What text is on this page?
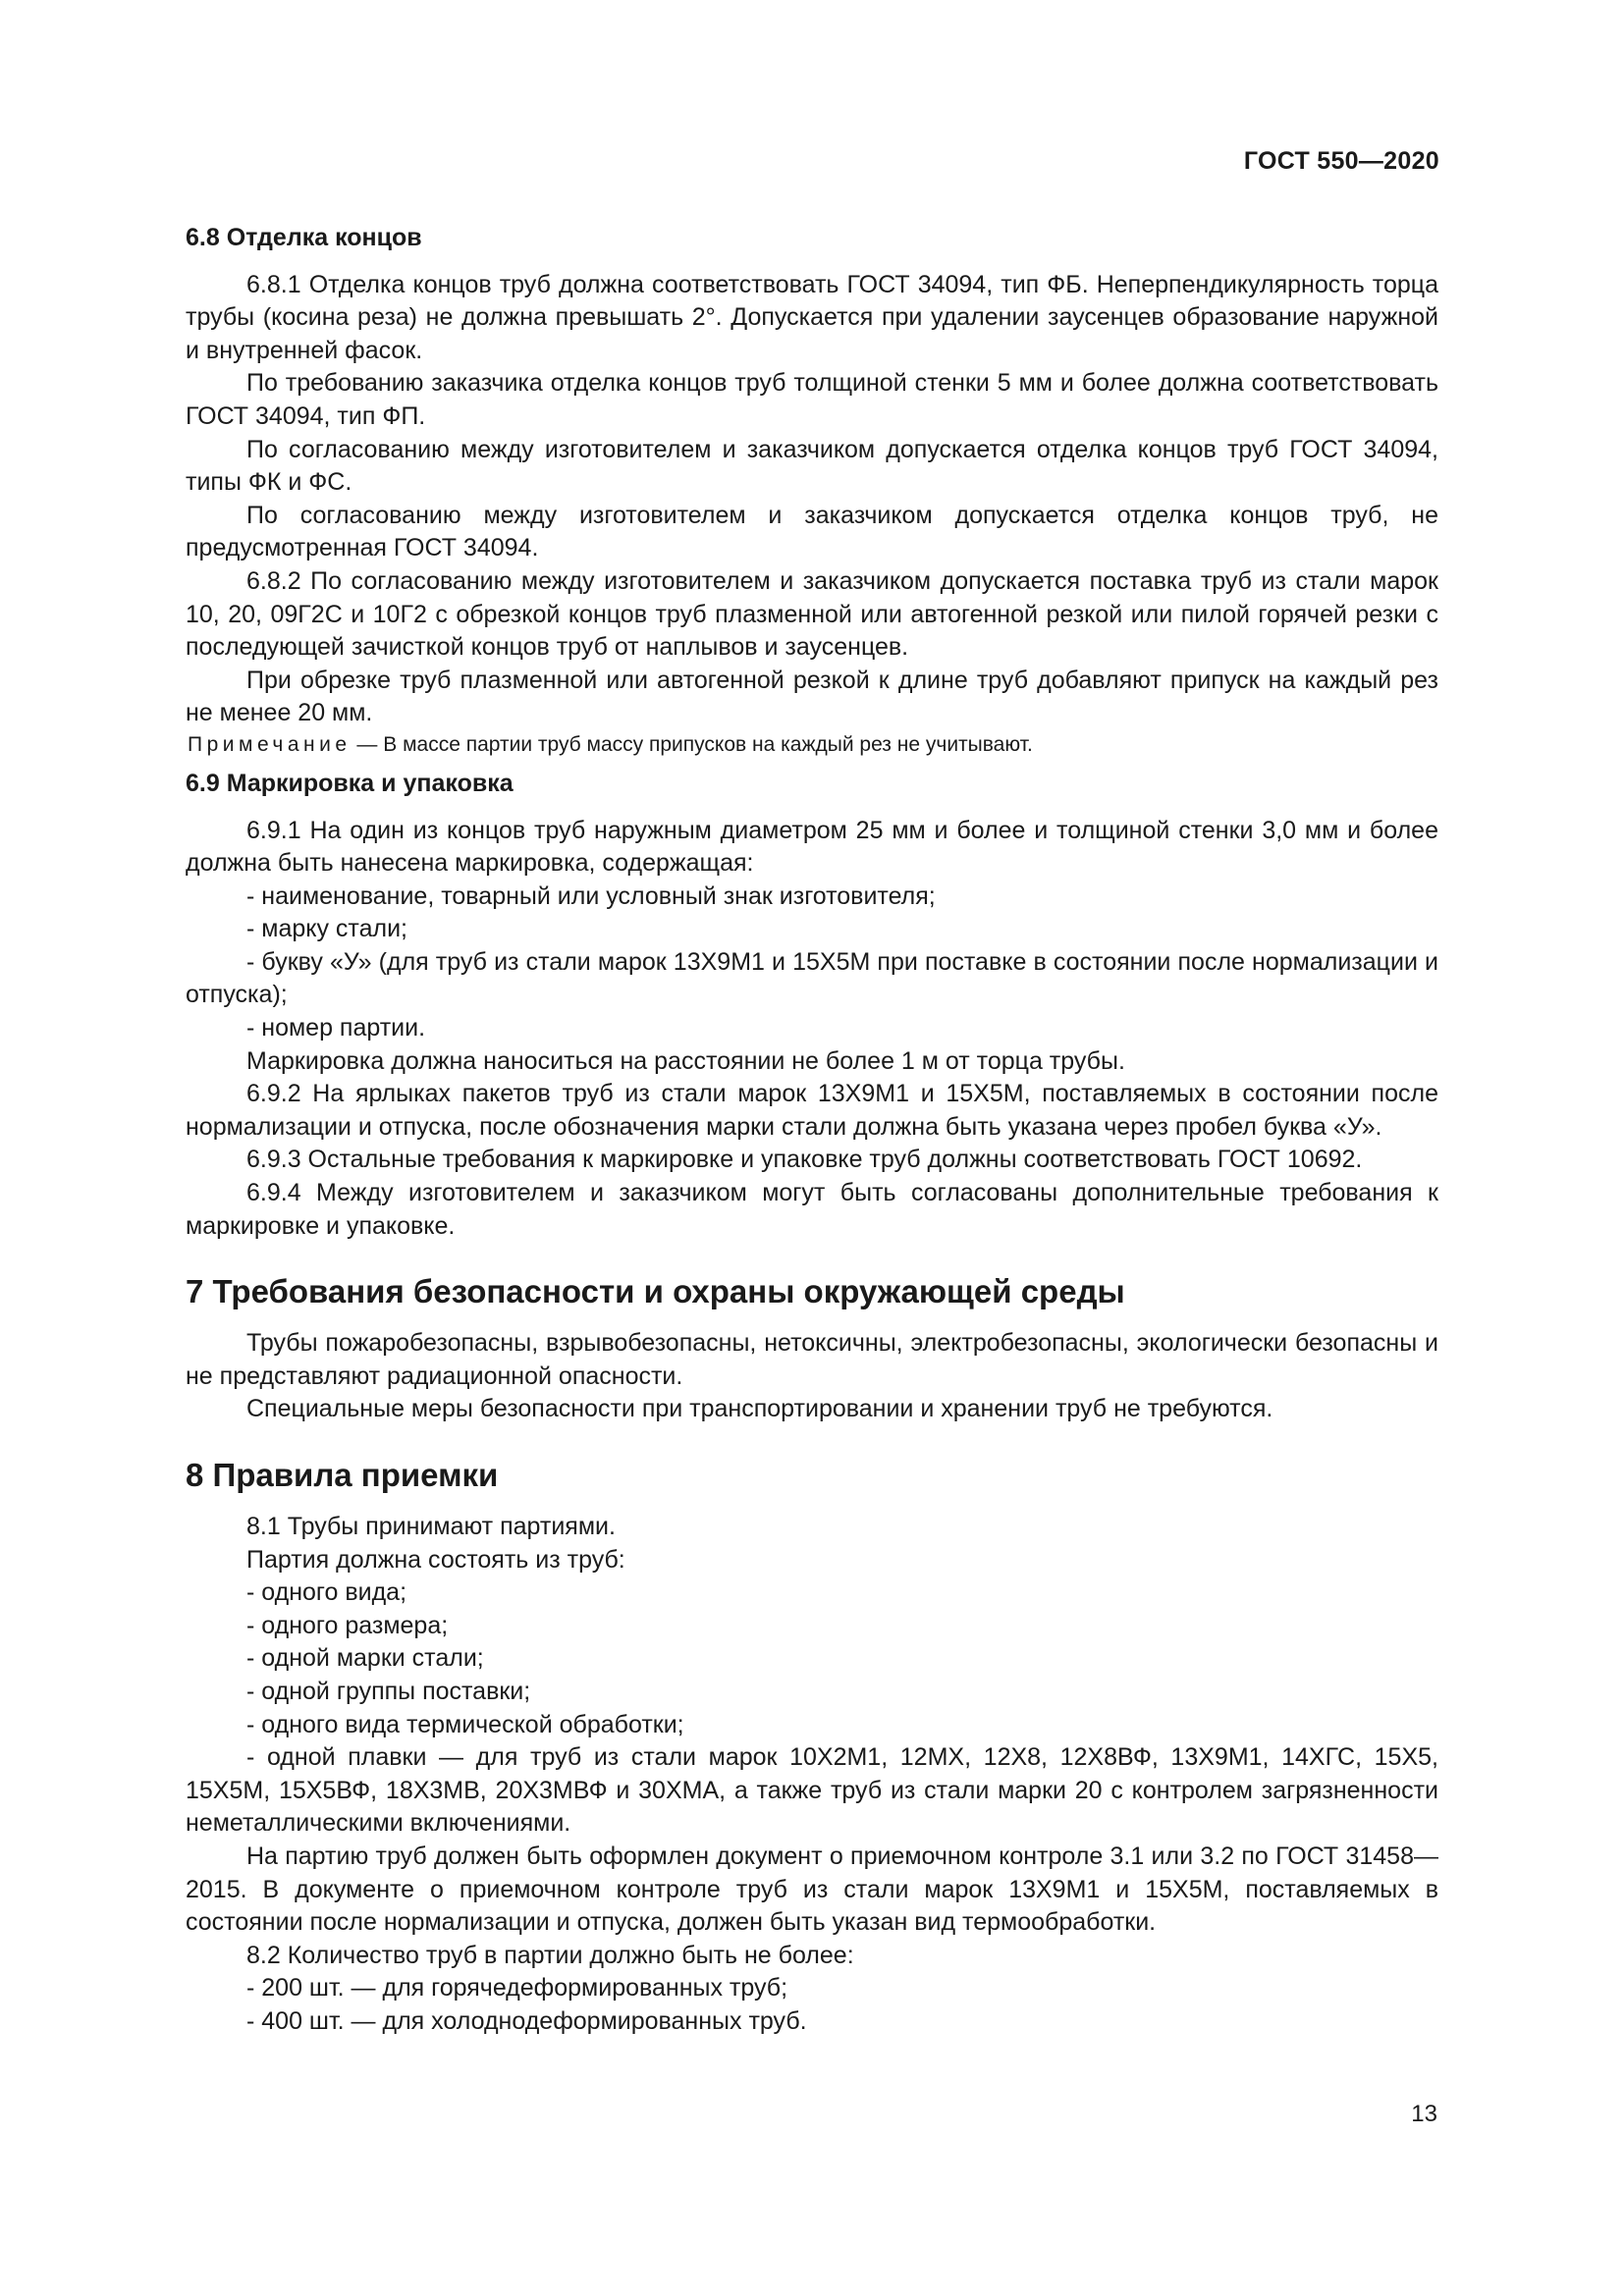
ГОСТ 550—2020
6.8 Отделка концов

6.8.1 Отделка концов труб должна соответствовать ГОСТ 34094, тип ФБ. Неперпендикулярность торца трубы (косина реза) не должна превышать 2°. Допускается при удалении заусенцев образование наружной и внутренней фасок.

По требованию заказчика отделка концов труб толщиной стенки 5 мм и более должна соответствовать ГОСТ 34094, тип ФП.

По согласованию между изготовителем и заказчиком допускается отделка концов труб ГОСТ 34094, типы ФК и ФС.

По согласованию между изготовителем и заказчиком допускается отделка концов труб, не предусмотренная ГОСТ 34094.

6.8.2 По согласованию между изготовителем и заказчиком допускается поставка труб из стали марок 10, 20, 09Г2С и 10Г2 с обрезкой концов труб плазменной или автогенной резкой или пилой горячей резки с последующей зачисткой концов труб от наплывов и заусенцев.

При обрезке труб плазменной или автогенной резкой к длине труб добавляют припуск на каждый рез не менее 20 мм.

Примечание — В массе партии труб массу припусков на каждый рез не учитывают.

6.9 Маркировка и упаковка

6.9.1 На один из концов труб наружным диаметром 25 мм и более и толщиной стенки 3,0 мм и более должна быть нанесена маркировка, содержащая:

- наименование, товарный или условный знак изготовителя;

- марку стали;

- букву «У» (для труб из стали марок 13Х9М1 и 15Х5М при поставке в состоянии после нормализации и отпуска);

- номер партии.

Маркировка должна наноситься на расстоянии не более 1 м от торца трубы.

6.9.2 На ярлыках пакетов труб из стали марок 13Х9М1 и 15Х5М, поставляемых в состоянии после нормализации и отпуска, после обозначения марки стали должна быть указана через пробел буква «У».

6.9.3 Остальные требования к маркировке и упаковке труб должны соответствовать ГОСТ 10692.

6.9.4 Между изготовителем и заказчиком могут быть согласованы дополнительные требования к маркировке и упаковке.

7 Требования безопасности и охраны окружающей среды

Трубы пожаробезопасны, взрывобезопасны, нетоксичны, электробезопасны, экологически безопасны и не представляют радиационной опасности.

Специальные меры безопасности при транспортировании и хранении труб не требуются.

8 Правила приемки

8.1 Трубы принимают партиями.

Партия должна состоять из труб:

- одного вида;

- одного размера;

- одной марки стали;

- одной группы поставки;

- одного вида термической обработки;

- одной плавки — для труб из стали марок 10Х2М1, 12МХ, 12Х8, 12Х8ВФ, 13Х9М1, 14ХГС, 15Х5, 15Х5М, 15Х5ВФ, 18Х3МВ, 20Х3МВФ и 30ХМА, а также труб из стали марки 20 с контролем загрязненности неметаллическими включениями.

На партию труб должен быть оформлен документ о приемочном контроле 3.1 или 3.2 по ГОСТ 31458—2015. В документе о приемочном контроле труб из стали марок 13Х9М1 и 15Х5М, поставляемых в состоянии после нормализации и отпуска, должен быть указан вид термообработки.

8.2 Количество труб в партии должно быть не более:

- 200 шт. — для горячедеформированных труб;

- 400 шт. — для холоднодеформированных труб.

13
